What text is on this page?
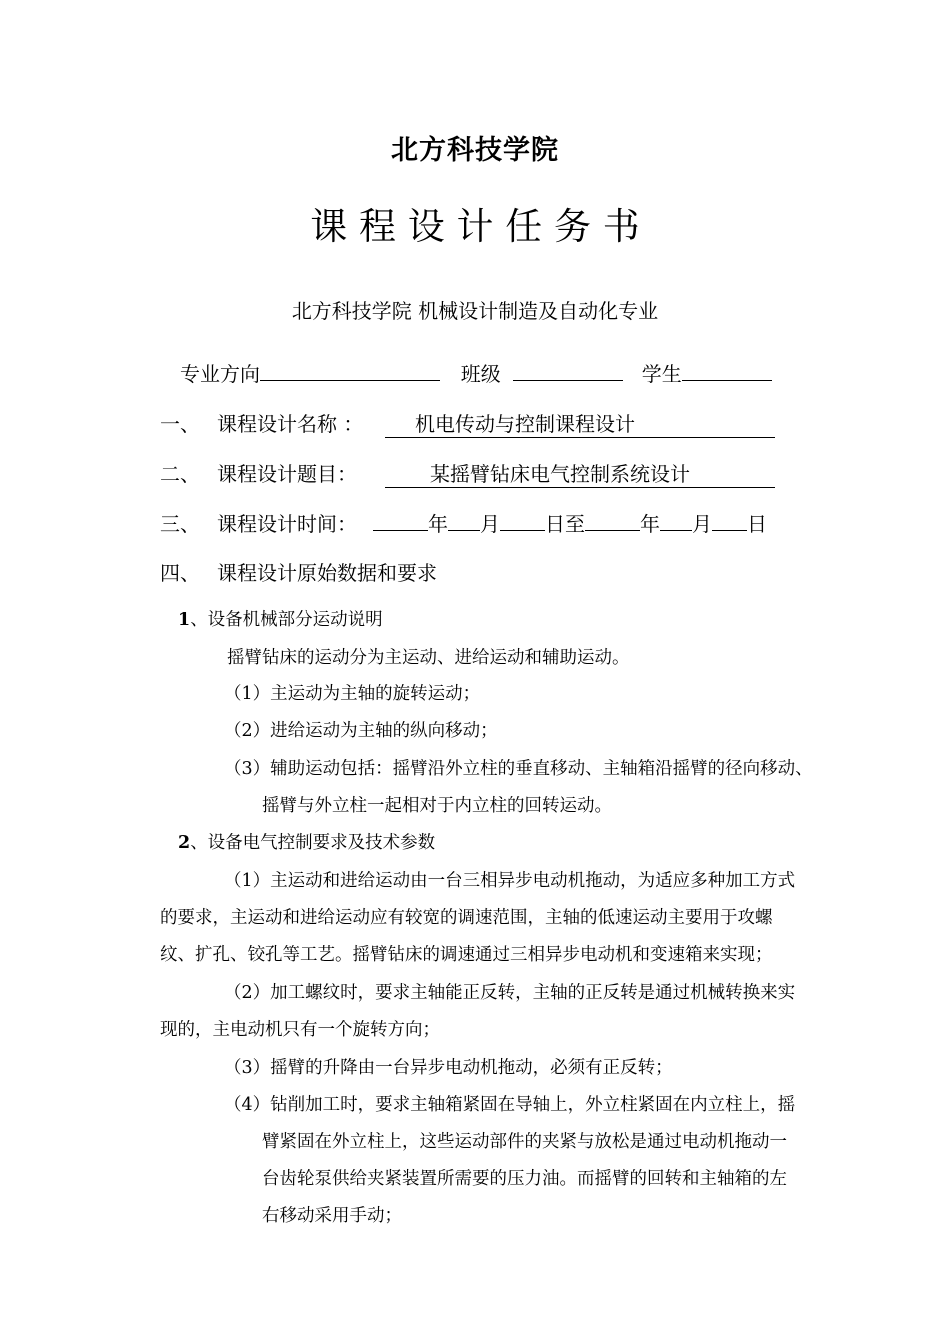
北方科技学院
课 程 设 计 任 务 书
北方科技学院 机械设计制造及自动化专业
专业方向	班级	学生
一、 课程设计名称 ：	机电传动与控制课程设计
二、 课程设计题目：	某摇臂钻床电气控制系统设计
三、 课程设计时间：	年 月 日至	年 月 日
四、 课程设计原始数据和要求
1、设备机械部分运动说明
摇臂钻床的运动分为主运动、进给运动和辅助运动。
（1）主运动为主轴的旋转运动；
（2）进给运动为主轴的纵向移动；
（3）辅助运动包括：摇臂沿外立柱的垂直移动、主轴箱沿摇臂的径向移动、
摇臂与外立柱一起相对于内立柱的回转运动。
2、设备电气控制要求及技术参数
（1）主运动和进给运动由一台三相异步电动机拖动，为适应多种加工方式
的要求，主运动和进给运动应有较宽的调速范围，主轴的低速运动主要用于攻螺
纹、扩孔、铰孔等工艺。摇臂钻床的调速通过三相异步电动机和变速箱来实现；
（2）加工螺纹时，要求主轴能正反转，主轴的正反转是通过机械转换来实
现的，主电动机只有一个旋转方向；
（3）摇臂的升降由一台异步电动机拖动，必须有正反转；
（4）钻削加工时，要求主轴箱紧固在导轴上，外立柱紧固在内立柱上，摇
臂紧固在外立柱上，这些运动部件的夹紧与放松是通过电动机拖动一
台齿轮泵供给夹紧装置所需要的压力油。而摇臂的回转和主轴箱的左
右移动采用手动；
